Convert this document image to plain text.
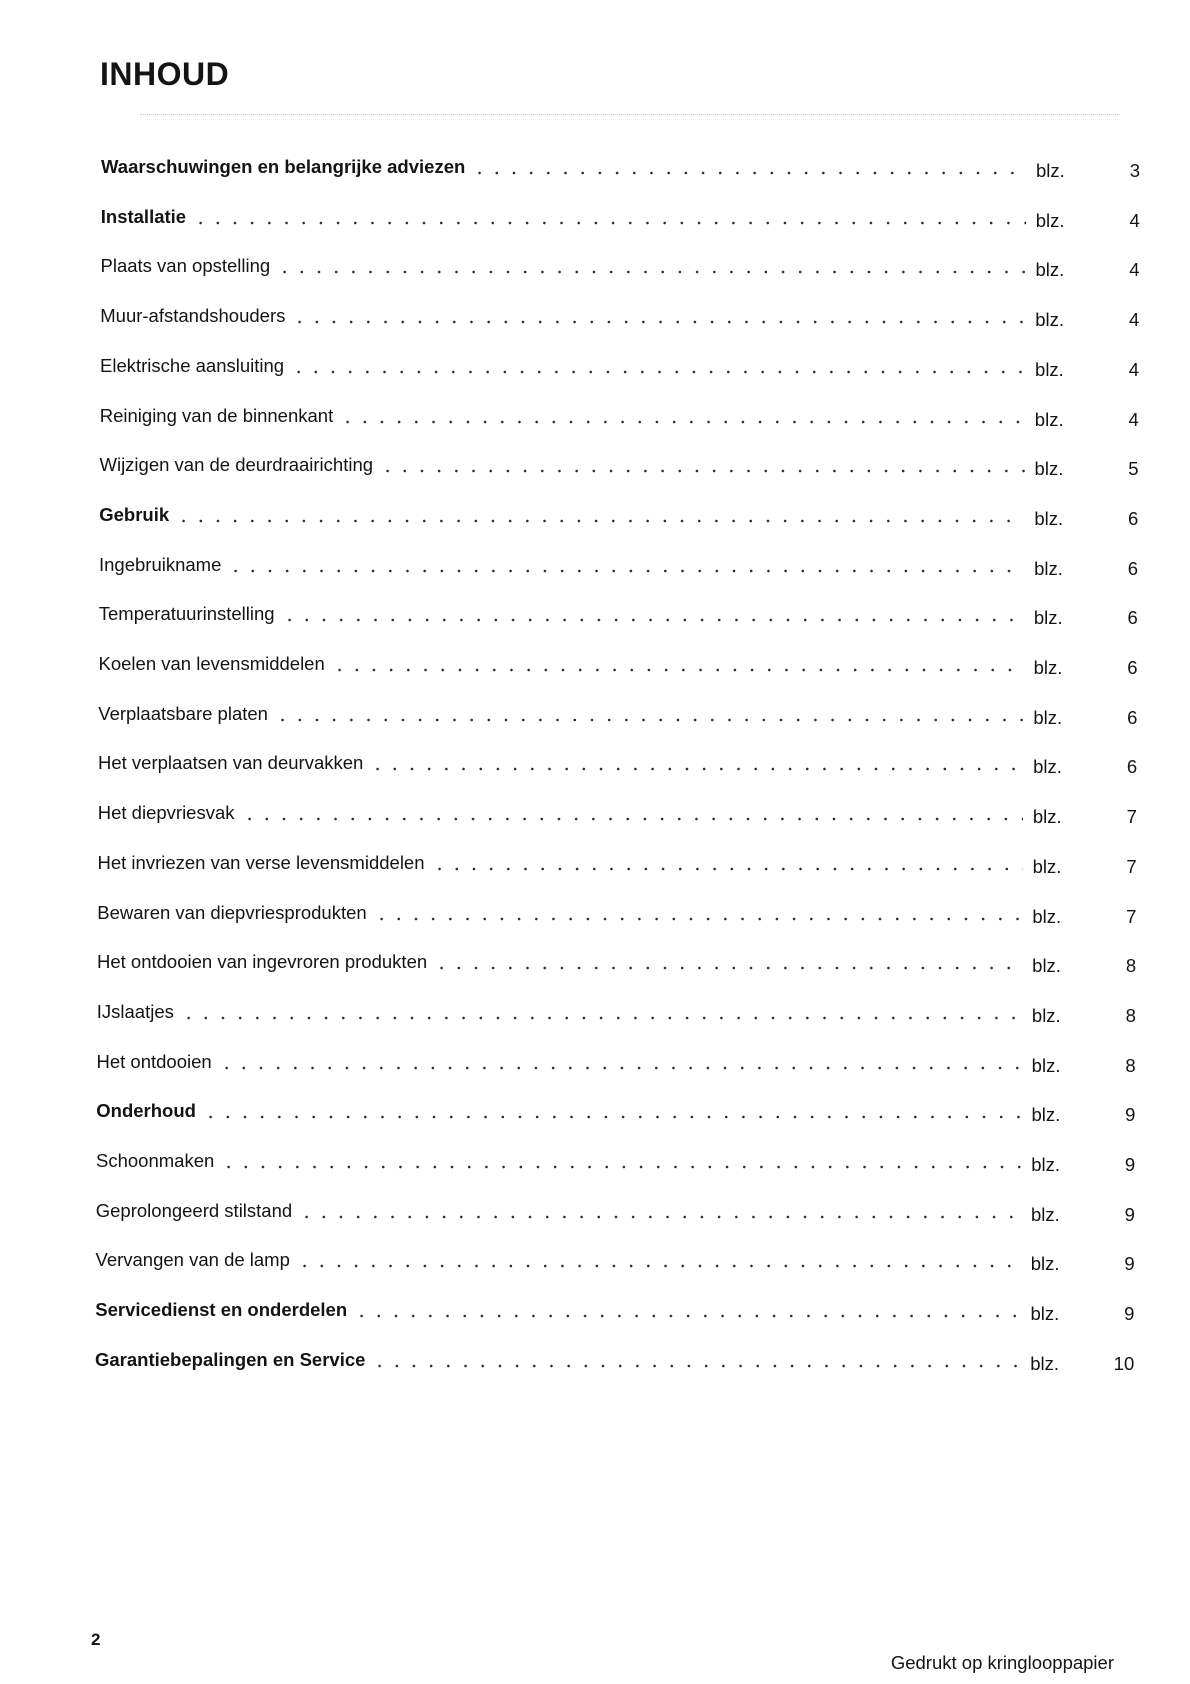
INHOUD
Waarschuwingen en belangrijke adviezen	blz.	3
Installatie	blz.	4
Plaats van opstelling	blz.	4
Muur-afstandshouders	blz.	4
Elektrische aansluiting	blz.	4
Reiniging van de binnenkant	blz.	4
Wijzigen van de deurdraairichting	blz.	5
Gebruik	blz.	6
Ingebruikname	blz.	6
Temperatuurinstelling	blz.	6
Koelen van levensmiddelen	blz.	6
Verplaatsbare platen	blz.	6
Het verplaatsen van deurvakken	blz.	6
Het diepvriesvak	blz.	7
Het invriezen van verse levensmiddelen	blz.	7
Bewaren van diepvriesprodukten	blz.	7
Het ontdooien van ingevroren produkten	blz.	8
IJslaatjes	blz.	8
Het ontdooien	blz.	8
Onderhoud	blz.	9
Schoonmaken	blz.	9
Geprolongeerd stilstand	blz.	9
Vervangen van de lamp	blz.	9
Servicedienst en onderdelen	blz.	9
Garantiebepalingen en Service	blz.	10
2
Gedrukt op kringlooppapier
